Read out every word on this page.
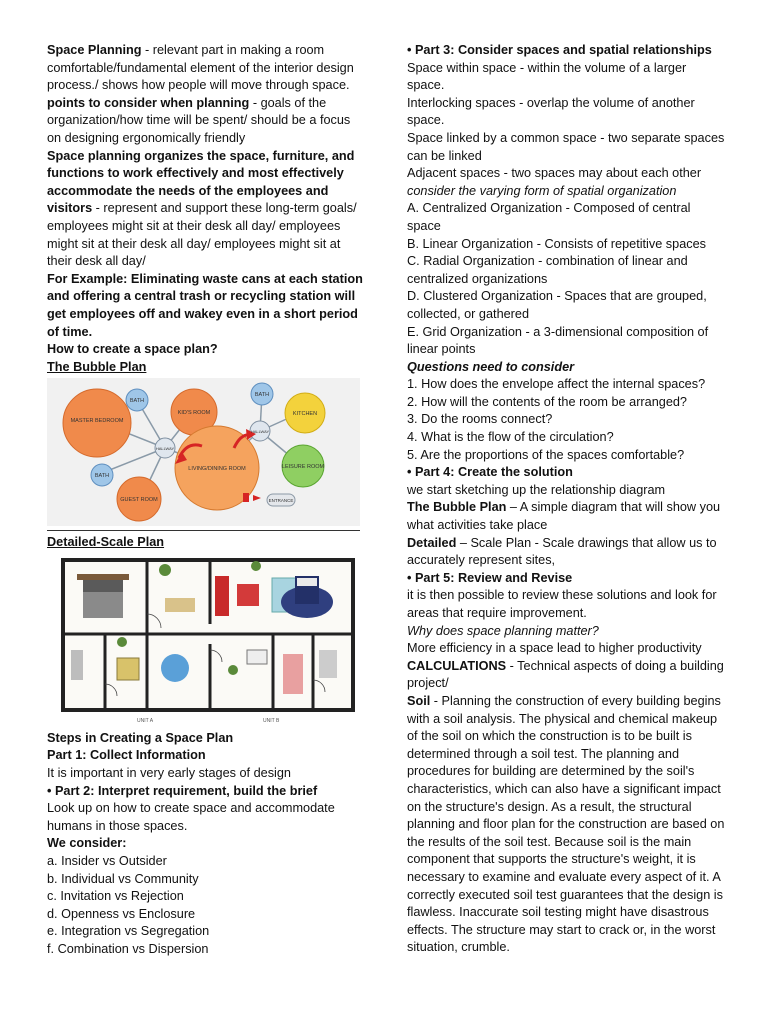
Space Planning - relevant part in making a room comfortable/fundamental element of the interior design process./ shows how people will move through space.

points to consider when planning - goals of the organization/how time will be spent/ should be a focus on designing ergonomically friendly

Space planning organizes the space, furniture, and functions to work effectively and most effectively accommodate the needs of the employees and visitors - represent and support these long-term goals/ employees might sit at their desk all day/ employees might sit at their desk all day/ employees might sit at their desk all day/

For Example: Eliminating waste cans at each station and offering a central trash or recycling station will get employees off and wakey even in a short period of time.

How to create a space plan?

The Bubble Plan

MASTER BEDROOM
BATH
KID'S ROOM
HALLWAY
LIVING/DINING ROOM
BATH
GUEST ROOM
BATH
HALLWAY
KITCHEN
LEISURE ROOM
ENTRANCE

Detailed-Scale Plan

UNIT A	UNIT B

Steps in Creating a Space Plan

Part 1: Collect Information

It is important in very early stages of design

• Part 2: Interpret requirement, build the brief

Look up on how to create space and accommodate humans in those spaces.

We consider:

a. Insider vs Outsider

b. Individual vs Community

c. Invitation vs Rejection

d. Openness vs Enclosure

e. Integration vs Segregation

f. Combination vs Dispersion

• Part 3: Consider spaces and spatial relationships

Space within space - within the volume of a larger space.

Interlocking spaces - overlap the volume of another space.

Space linked by a common space - two separate spaces can be linked

Adjacent spaces - two spaces may about each other

consider the varying form of spatial organization

A. Centralized Organization - Composed of central space

B. Linear Organization - Consists of repetitive spaces

C. Radial Organization - combination of linear and centralized organizations

D. Clustered Organization - Spaces that are grouped, collected, or gathered

E. Grid Organization - a 3-dimensional composition of linear points

Questions need to consider

1. How does the envelope affect the internal spaces?

2. How will the contents of the room be arranged?

3. Do the rooms connect?

4. What is the flow of the circulation?

5. Are the proportions of the spaces comfortable?

• Part 4: Create the solution

we start sketching up the relationship diagram

The Bubble Plan – A simple diagram that will show you what activities take place

Detailed – Scale Plan - Scale drawings that allow us to accurately represent sites,

• Part 5: Review and Revise

it is then possible to review these solutions and look for areas that require improvement.

Why does space planning matter?

More efficiency in a space lead to higher productivity

CALCULATIONS - Technical aspects of doing a building project/

Soil - Planning the construction of every building begins with a soil analysis. The physical and chemical makeup of the soil on which the construction is to be built is determined through a soil test. The planning and procedures for building are determined by the soil's characteristics, which can also have a significant impact on the structure's design. As a result, the structural planning and floor plan for the construction are based on the results of the soil test. Because soil is the main component that supports the structure's weight, it is necessary to examine and evaluate every aspect of it. A correctly executed soil test guarantees that the design is flawless. Inaccurate soil testing might have disastrous effects. The structure may start to crack or, in the worst situation, crumble.
